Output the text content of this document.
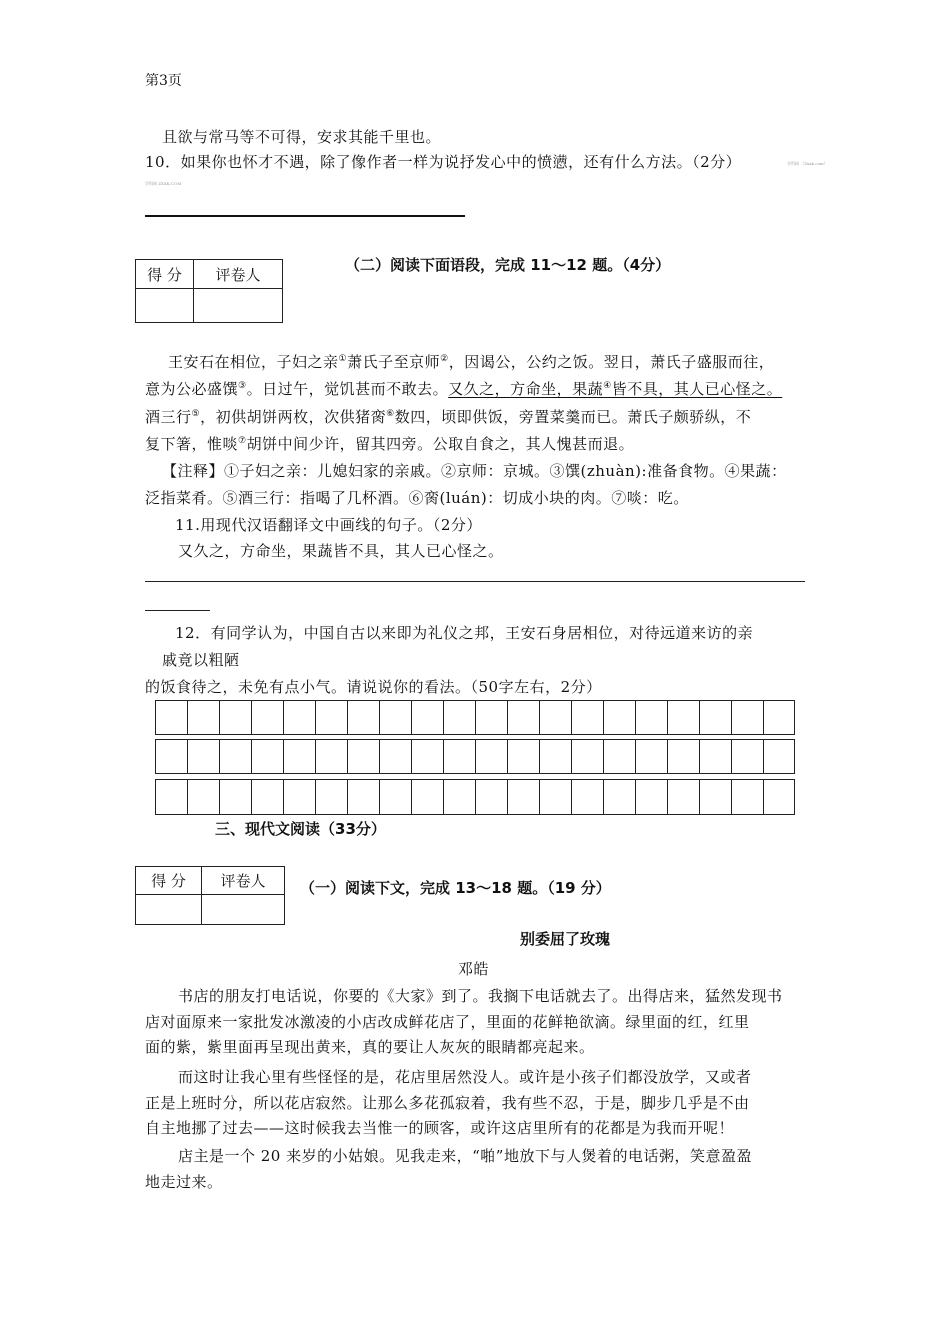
第3页
且欲与常马等不可得，安求其能千里也。
10．如果你也怀才不遇，除了像作者一样为说抒发心中的愤懑，还有什么方法。（2分）	学科网 （Zxxk.com）
学科网 ZXXK.COM
得 分	评卷人

（二）阅读下面语段，完成 11～12 题。（4分）
王安石在相位，子妇之亲①萧氏子至京师②，因谒公，公约之饭。翌日，萧氏子盛服而往，
意为公必盛馔③。日过午，觉饥甚而不敢去。又久之，方命坐，果蔬④皆不具，其人已心怪之。
酒三行⑤，初供胡饼两枚，次供猪脔⑥数四，顷即供饭，旁置菜羹而已。萧氏子颇骄纵，不
复下箸，惟啖⑦胡饼中间少许，留其四旁。公取自食之，其人愧甚而退。
【注释】①子妇之亲：儿媳妇家的亲戚。②京师：京城。③馔(zhuàn):准备食物。④果蔬：
泛指菜肴。⑤酒三行：指喝了几杯酒。⑥脔(luán)：切成小块的肉。⑦啖：吃。
11.用现代汉语翻译文中画线的句子。（2分）
又久之，方命坐，果蔬皆不具，其人已心怪之。
12．有同学认为，中国自古以来即为礼仪之邦，王安石身居相位，对待远道来访的亲
戚竟以粗陋
的饭食待之，未免有点小气。请说说你的看法。（50字左右，2分）
三、现代文阅读（33分）
得 分	评卷人
	（一）阅读下文，完成 13～18 题。（19 分）
别委屈了玫瑰
邓皓
书店的朋友打电话说，你要的《大家》到了。我搁下电话就去了。出得店来，猛然发现书
店对面原来一家批发冰激凌的小店改成鲜花店了，里面的花鲜艳欲滴。绿里面的红，红里
面的紫，紫里面再呈现出黄来，真的要让人灰灰的眼睛都亮起来。
而这时让我心里有些怪怪的是，花店里居然没人。或许是小孩子们都没放学，又或者
正是上班时分，所以花店寂然。让那么多花孤寂着，我有些不忍，于是，脚步几乎是不由
自主地挪了过去——这时候我去当惟一的顾客，或许这店里所有的花都是为我而开呢！
店主是一个 20 来岁的小姑娘。见我走来，“啪”地放下与人煲着的电话粥，笑意盈盈
地走过来。
